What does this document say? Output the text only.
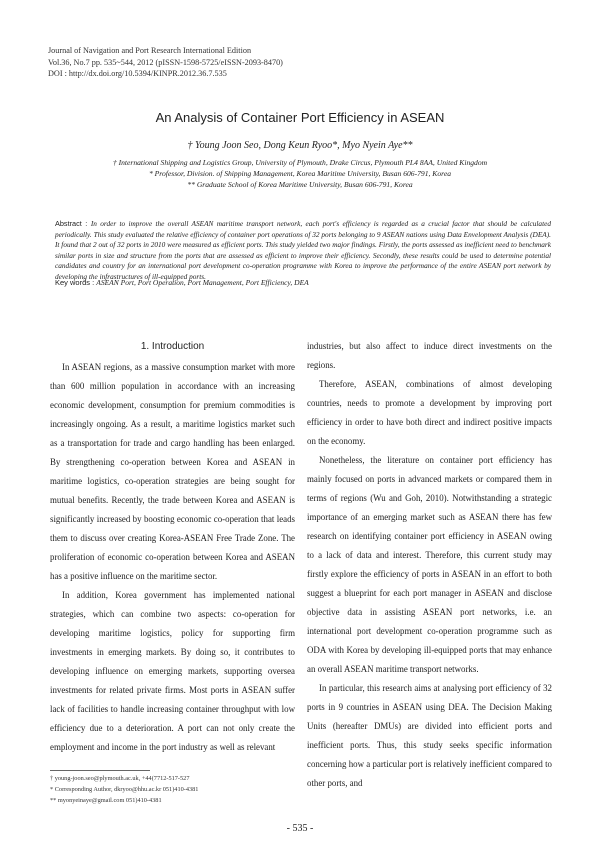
Journal of Navigation and Port Research International Edition
Vol.36, No.7 pp. 535~544, 2012 (pISSN-1598-5725/eISSN-2093-8470)
DOI : http://dx.doi.org/10.5394/KINPR.2012.36.7.535
An Analysis of Container Port Efficiency in ASEAN
† Young Joon Seo, Dong Keun Ryoo*, Myo Nyein Aye**
† International Shipping and Logistics Group, University of Plymouth, Drake Circus, Plymouth PL4 8AA, United Kingdom
* Professor, Division. of Shipping Management, Korea Maritime University, Busan 606-791, Korea
** Graduate School of Korea Maritime University, Busan 606-791, Korea
Abstract : In order to improve the overall ASEAN maritime transport network, each port's efficiency is regarded as a crucial factor that should be calculated periodically. This study evaluated the relative efficiency of container port operations of 32 ports belonging to 9 ASEAN nations using Data Envelopment Analysis (DEA). It found that 2 out of 32 ports in 2010 were measured as efficient ports. This study yielded two major findings. Firstly, the ports assessed as inefficient need to benchmark similar ports in size and structure from the ports that are assessed as efficient to improve their efficiency. Secondly, these results could be used to determine potential candidates and country for an international port development co-operation programme with Korea to improve the performance of the entire ASEAN port network by developing the infrastructures of ill-equipped ports.
Key words : ASEAN Port, Port Operation, Port Management, Port Efficiency, DEA
1. Introduction

In ASEAN regions, as a massive consumption market with more than 600 million population in accordance with an increasing economic development, consumption for premium commodities is increasingly ongoing. As a result, a maritime logistics market such as a transportation for trade and cargo handling has been enlarged. By strengthening co-operation between Korea and ASEAN in maritime logistics, co-operation strategies are being sought for mutual benefits. Recently, the trade between Korea and ASEAN is significantly increased by boosting economic co-operation that leads them to discuss over creating Korea-ASEAN Free Trade Zone. The proliferation of economic co-operation between Korea and ASEAN has a positive influence on the maritime sector.

In addition, Korea government has implemented national strategies, which can combine two aspects: co-operation for developing maritime logistics, policy for supporting firm investments in emerging markets. By doing so, it contributes to developing influence on emerging markets, supporting oversea investments for related private firms. Most ports in ASEAN suffer lack of facilities to handle increasing container throughput with low efficiency due to a deterioration. A port can not only create the employment and income in the port industry as well as relevant

industries, but also affect to induce direct investments on the regions.

Therefore, ASEAN, combinations of almost developing countries, needs to promote a development by improving port efficiency in order to have both direct and indirect positive impacts on the economy.

Nonetheless, the literature on container port efficiency has mainly focused on ports in advanced markets or compared them in terms of regions (Wu and Goh, 2010). Notwithstanding a strategic importance of an emerging market such as ASEAN there has few research on identifying container port efficiency in ASEAN owing to a lack of data and interest. Therefore, this current study may firstly explore the efficiency of ports in ASEAN in an effort to both suggest a blueprint for each port manager in ASEAN and disclose objective data in assisting ASEAN port networks, i.e. an international port development co-operation programme such as ODA with Korea by developing ill-equipped ports that may enhance an overall ASEAN maritime transport networks.

In particular, this research aims at analysing port efficiency of 32 ports in 9 countries in ASEAN using DEA. The Decision Making Units (hereafter DMUs) are divided into efficient ports and inefficient ports. Thus, this study seeks specific information concerning how a particular port is relatively inefficient compared to other ports, and

† young-joon.seo@plymouth.ac.uk, +44(7712-517-527
* Corresponding Author, dkryoo@hhu.ac.kr 051)410-4381
** myonyeinaye@gmail.com 051)410-4381
- 535 -
